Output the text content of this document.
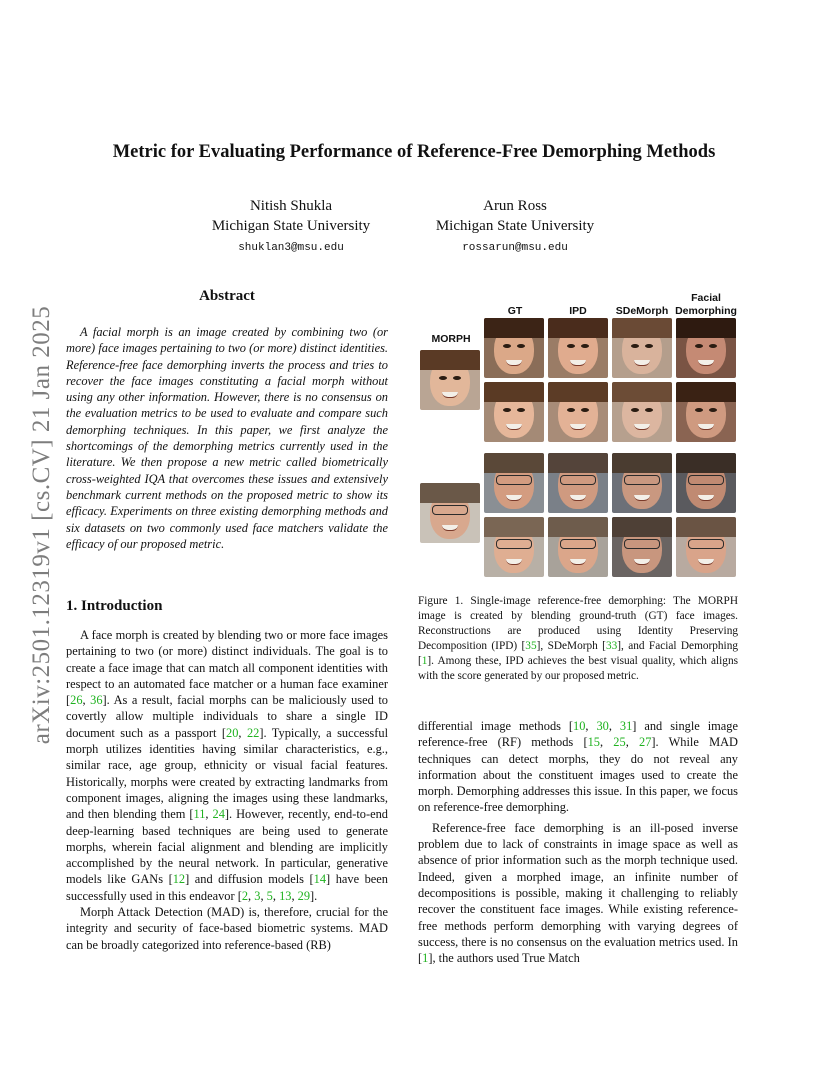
arXiv:2501.12319v1 [cs.CV] 21 Jan 2025
Metric for Evaluating Performance of Reference-Free Demorphing Methods
Nitish Shukla
Michigan State University
shuklan3@msu.edu
Arun Ross
Michigan State University
rossarun@msu.edu
Abstract

A facial morph is an image created by combining two (or more) face images pertaining to two (or more) distinct identities. Reference-free face demorphing inverts the process and tries to recover the face images constituting a facial morph without using any other information. However, there is no consensus on the evaluation metrics to be used to evaluate and compare such demorphing techniques. In this paper, we first analyze the shortcomings of the demorphing metrics currently used in the literature. We then propose a new metric called biometrically cross-weighted IQA that overcomes these issues and extensively benchmark current methods on the proposed metric to show its efficacy. Experiments on three existing demorphing methods and six datasets on two commonly used face matchers validate the efficacy of our proposed metric.

1. Introduction

A face morph is created by blending two or more face images pertaining to two (or more) distinct individuals. The goal is to create a face image that can match all component identities with respect to an automated face matcher or a human face examiner [26, 36]. As a result, facial morphs can be maliciously used to covertly allow multiple individuals to share a single ID document such as a passport [20, 22]. Typically, a successful morph utilizes identities having similar characteristics, e.g., similar race, age group, ethnicity or visual facial features. Historically, morphs were created by extracting landmarks from component images, aligning the images using these landmarks, and then blending them [11, 24]. However, recently, end-to-end deep-learning based techniques are being used to generate morphs, wherein facial alignment and blending are implicitly accomplished by the neural network. In particular, generative models like GANs [12] and diffusion models [14] have been successfully used in this endeavor [2, 3, 5, 13, 29].

Morph Attack Detection (MAD) is, therefore, crucial for the integrity and security of face-based biometric systems. MAD can be broadly categorized into reference-based (RB)

MORPH
GT	IPD	SDeMorph
Facial Demorphing
Figure 1. Single-image reference-free demorphing: The MORPH image is created by blending ground-truth (GT) face images. Reconstructions are produced using Identity Preserving Decomposition (IPD) [35], SDeMorph [33], and Facial Demorphing [1]. Among these, IPD achieves the best visual quality, which aligns with the score generated by our proposed metric.

differential image methods [10, 30, 31] and single image reference-free (RF) methods [15, 25, 27]. While MAD techniques can detect morphs, they do not reveal any information about the constituent images used to create the morph. Demorphing addresses this issue. In this paper, we focus on reference-free demorphing.

Reference-free face demorphing is an ill-posed inverse problem due to lack of constraints in image space as well as absence of prior information such as the morph technique used. Indeed, given a morphed image, an infinite number of decompositions is possible, making it challenging to reliably recover the constituent face images. While existing reference-free methods perform demorphing with varying degrees of success, there is no consensus on the evaluation metrics used. In [1], the authors used True Match
